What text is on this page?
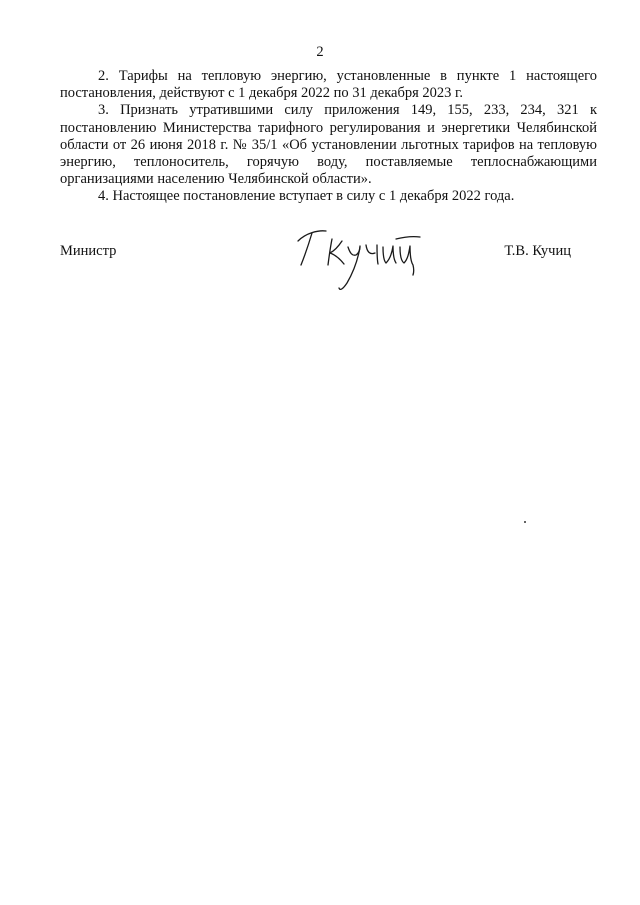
2

2. Тарифы на тепловую энергию, установленные в пункте 1 настоящего постановления, действуют с 1 декабря 2022 по 31 декабря 2023 г.

3. Признать утратившими силу приложения 149, 155, 233, 234, 321 к постановлению Министерства тарифного регулирования и энергетики Челябинской области от 26 июня 2018 г. № 35/1 «Об установлении льготных тарифов на тепловую энергию, теплоноситель, горячую воду, поставляемые теплоснабжающими организациями населению Челябинской области».

4. Настоящее постановление вступает в силу с 1 декабря 2022 года.

Министр	Т.В. Кучиц
